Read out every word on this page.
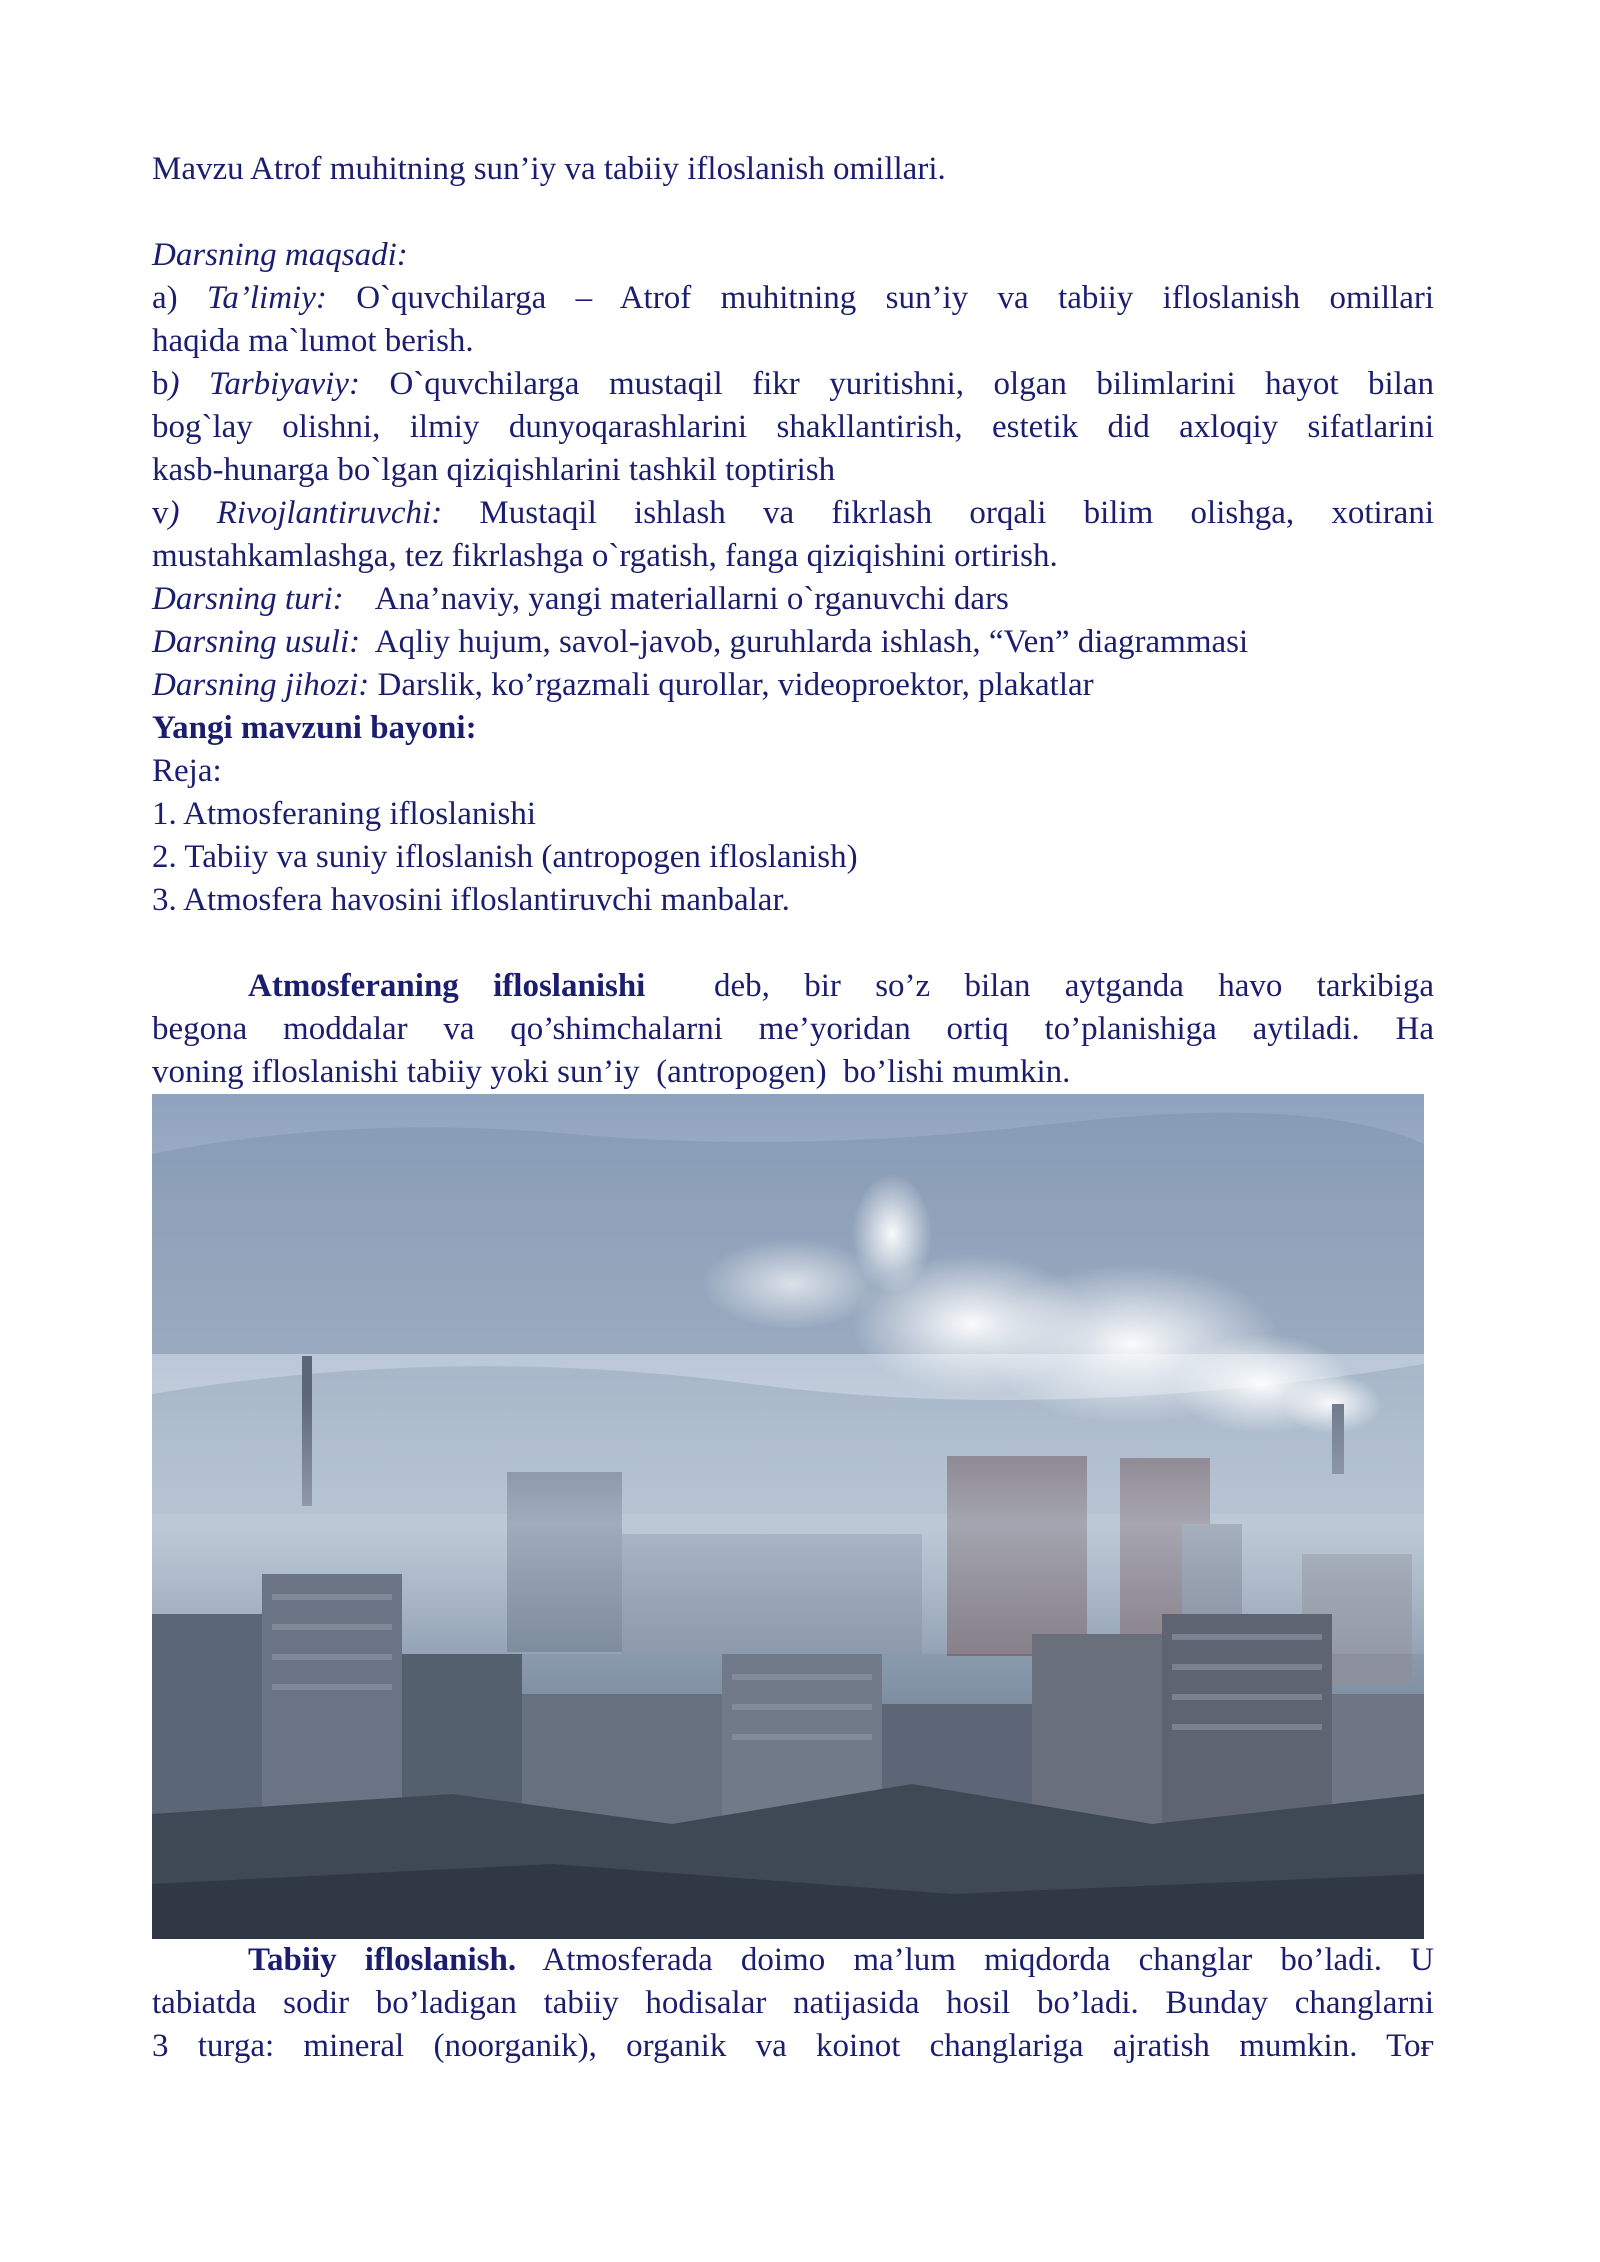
Mavzu Atrof muhitning sun’iy va tabiiy ifloslanish omillari.

Darsning maqsadi:

a) Ta’limiy: O`quvchilarga – Atrof muhitning sun’iy va tabiiy ifloslanish omillari

haqida ma`lumot berish.

b) Tarbiyaviy: O`quvchilarga mustaqil fikr yuritishni, olgan bilimlarini hayot bilan

bog`lay olishni, ilmiy dunyoqarashlarini shakllantirish, estetik did axloqiy sifatlarini

kasb-hunarga bo`lgan qiziqishlarini tashkil toptirish

v) Rivojlantiruvchi: Mustaqil ishlash va fikrlash orqali bilim olishga, xotirani

mustahkamlashga, tez fikrlashga o`rgatish, fanga qiziqishini ortirish.

Darsning turi:    Ana’naviy, yangi materiallarni o`rganuvchi dars

Darsning usuli:  Aqliy hujum, savol-javob, guruhlarda ishlash, “Ven” diagrammasi

Darsning jihozi: Darslik, ko’rgazmali qurollar, videoproektor, plakatlar

Yangi mavzuni bayoni:

Reja:

1. Atmosferaning ifloslanishi

2. Tabiiy va suniy ifloslanish (antropogen ifloslanish)

3. Atmosfera havosini ifloslantiruvchi manbalar.

Atmosferaning ifloslanishi  deb, bir so’z bilan aytganda havo tarkibiga

begona moddalar va qo’shimchalarni me’yoridan ortiq to’planishiga aytiladi. Ha

voning ifloslanishi tabiiy yoki sun’iy  (antropogen)  bo’lishi mumkin.

Tabiiy ifloslanish. Atmosferada doimo ma’lum miqdorda changlar bo’ladi. U

tabiatda sodir bo’ladigan tabiiy hodisalar natijasida hosil bo’ladi. Bunday changlarni

3 turga: mineral (noorganik), organik va koinot changlariga ajratish mumkin. Toғ
